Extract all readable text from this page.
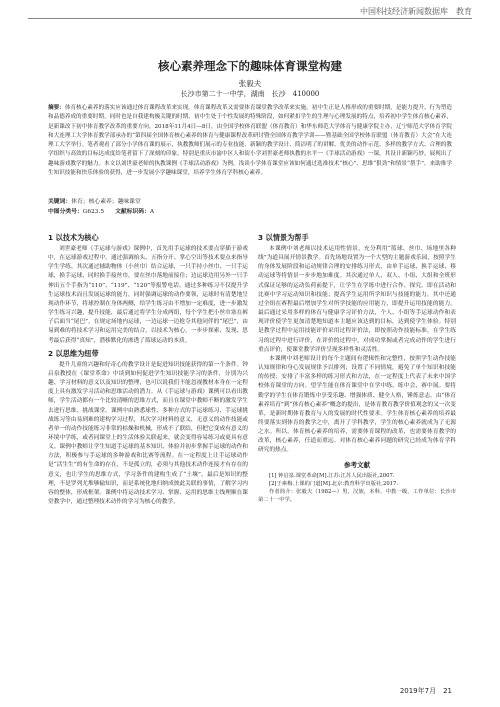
中国科技经济新闻数据库　教育
核心素养理念下的趣味体育课堂构建
张毅夫
长沙市第二十一中学，湖南　长沙　410000
摘要：体育核心素养的落实应该通过体育课程改革来实现。体育课程改革又需要体育课堂教学改革来实施。初中生正是人格形成的重要时期，是能力提升、行为塑造和品德养成的重要时期，同时也是自我建构极关键的时期，初中生处于个性发展的特殊阶段，如何紧扣学生的生理与心理发展的特点，培养初中学生体育核心素养，是新课改下初中体育教学改革的重要方向。2018年11月4日—8日，由全国学校体育联盟（体育教育）和华东师范大学体育与健康学院主办，辽宁师范大学体育学院和大连理工大学体育教学部承办的“第四届全国体育核心素养的体育与健康课程改革研讨暨全国体育教学学训——暨基础全国学校体育联盟（体育教育）大会”在大连理工大学举行。笔者观看了部分小学体育课的展示，执教教师们展示的专业技能、新颖的教学设计、简洁明了的讲解、优美的动作示范、多样的教学方式、合理的教学组织与高效的目标达成度给笔者留下了深刻的印象。特别是重庆市渝中区人和街小学刘世豪老师执教的水平一《手球活动游戏》一课，其设计新颖巧妙，展现出了趣味游戏教学的魅力。本文以刘世豪老师的执教课例《手球活动游戏》为例，浅谈小学体育课堂应该如何通过选准技术“核心”、思维“狠劲”和情景“帮手”，来助推学生知识技能和快乐体验的获得，进一步发展小学趣味课堂，培养学生体育学科核心素养。
关键词：体育；核心素养；趣味课堂
中图分类号：G623.5 文献标识码：A
1 以技术为核心

刘世豪老师《手运球与游戏》课例中，首先用手运球的技术要点穿插于游戏中，在运球游戏过程中，通过强调抬头、五指分开、掌心空出等技术要点来指导学生学练。其次通过辅助物体（小丝巾）结合运球，一只手持小丝巾、一只手运球，换手运球，同时换手接丝巾，要在丝巾落地前接住；边运球边用另外一只手伸出五个手指为“110”、“119”、“120”等报警电话。通过多种练习不仅提升学生运球技术而且发展运球的能力，同时强调运球的动作要领，运球时有清楚地呈现动作环节，将球控制在身体两侧，给学生练习由不增加一定难度，进一步激发学生练习兴趣，提升技能，最后通过将学生分成两组，每个学生把小丝巾塞在裤子后面当“尾巴”，在规定场地内运球，一边运球一边抢夺其他同伴的“尾巴”，由易到难的将技术学习和运用完美的结合，以技术为核心，一步步探索、发现、思考最后获得“真知”，潜移默化的渗透了篮球运动的本质。

2 以思维为纽带

提升儿童的兴趣和好奇心的教学设计是促进知识技能获得的第一个条件。钟启泉教授在《课堂革命》中谈到如何促进学生知识技能学习的条件，分别为兴趣、学习材料的意义以及知识的整理，也可以说我们不能忽视教材本身在一定程度上具有激发学习活动和思维活动的潜力。从《手运球与游戏》课例可以看出教师，学生活动都有一个比较清晰的思维方式，而且在课堂中教师不断的激发学生去进行思维、挑战课堂。课例中由熟悉球性、多种方式的手运球练习、手运球挑战练习等由易到难的建构学习过程，其次学习材料的意义，无意义的动作技能或者单一的动作技能练习非常的枯燥和机械，形成不了联结，但把它变成有意义的环境中学练，或者同课堂上的生活体验关联起来，就会变得容易练习或更具有意义。课例中教师让学生知道手运球的基本知识、体验并初步掌握手运球的动作和方法，积极参与手运球的多种游戏和比赛等流程。在一定程度上让手运球动作是“活生生”的有生命的存在，不是孤立的，必须与其他技术动作连接才有存在的意义，也让学生的思维方式，学习条件的建构生成了“土壤”，最后是知识的整理，不是罗列尤堆够输知识，而是系统化地归纳成彼此关联的事情，了解学习内容的整体，形成框架。课例中将运动技术学习、掌握、运用的思维主线理顺在课堂教学中，通过整理技术动作的学习为核心的教学。

3 以情景为帮手

本课例中刘老师以技术运用性情景，充分利用“篮球、丝巾、场地里各种线”为道具展开情景教学。首先场地设置为一个大型的主题游戏乐园，按照学生的身体发展阶段和运动规律合理的安排练习形式，由单手运球、换手运球、移动运球等将情景一步步地加难度。其次通过单人、双人、小组、大组和全班形式保证足够的运动负荷前提下，让学生在学练中进行合作、探究，即在活动和比赛中学习运动知识和技能；提高学生运用所学知识与技能的能力。其中还通过全组在赛程最后增加学生对所学技能的应用能力，即提升运用技能的能力。最后通过采用多样的体育与健康学习评价方法，个人、小组等手运球动作和表现评价使学生更加清楚地知道本主题应该达到的目标，达到使学生体验。特别是教学过程中运用技能评价采用过程评价法，即按照动作技能标准，在学生练习的过程中进行评价，在评价的过程中，对成功掌握或者完成动作的学生进行重点评价，使课堂教学评价呈现多样性和灵活性。

本课例中刘老师设计的每个主题间有逻辑性和完整性，按照学生动作技能认知规律和身心发展规律予以排列；设置了不同情境，避免了单个知识和技能的传授；安排了丰富多样的练习形式和方法，在一定程度上代表了未来中国学校体育课堂的方向。望学生能在体育课堂中在学中练、练中会、赛中展。要将勤学的学生在体育锻炼中享受乐趣、增强体质、健全人格，锤炼意志。由“体育素养培育”到“体育核心素养”概念的提出，是体育教育教学价值观念的又一次变革，是新时期体育教育与人的发展的时代性要求。学生体育核心素养的培养最终要落实到体育的教学之中，离开了学科教学，学生的核心素养就成为了无源之水。所以，体育核心素养的培养，需要体育课程的改革，也需要体育教学的改革，核心素养，任道而重远。对体育核心素养问题的研究已经成为体育学科研究的热点。

参考文献

[1] 钟启泉.课堂革命[M].江苏:江苏人民出版社,2007.

[2]于素梅.上课的门道[M].北京:教育科学出版社,2017.

作者简介：张毅夫（1982—）男，汉族，本科，中教一级，工作单位：长沙市第二十一中学。

2019年7月　21
